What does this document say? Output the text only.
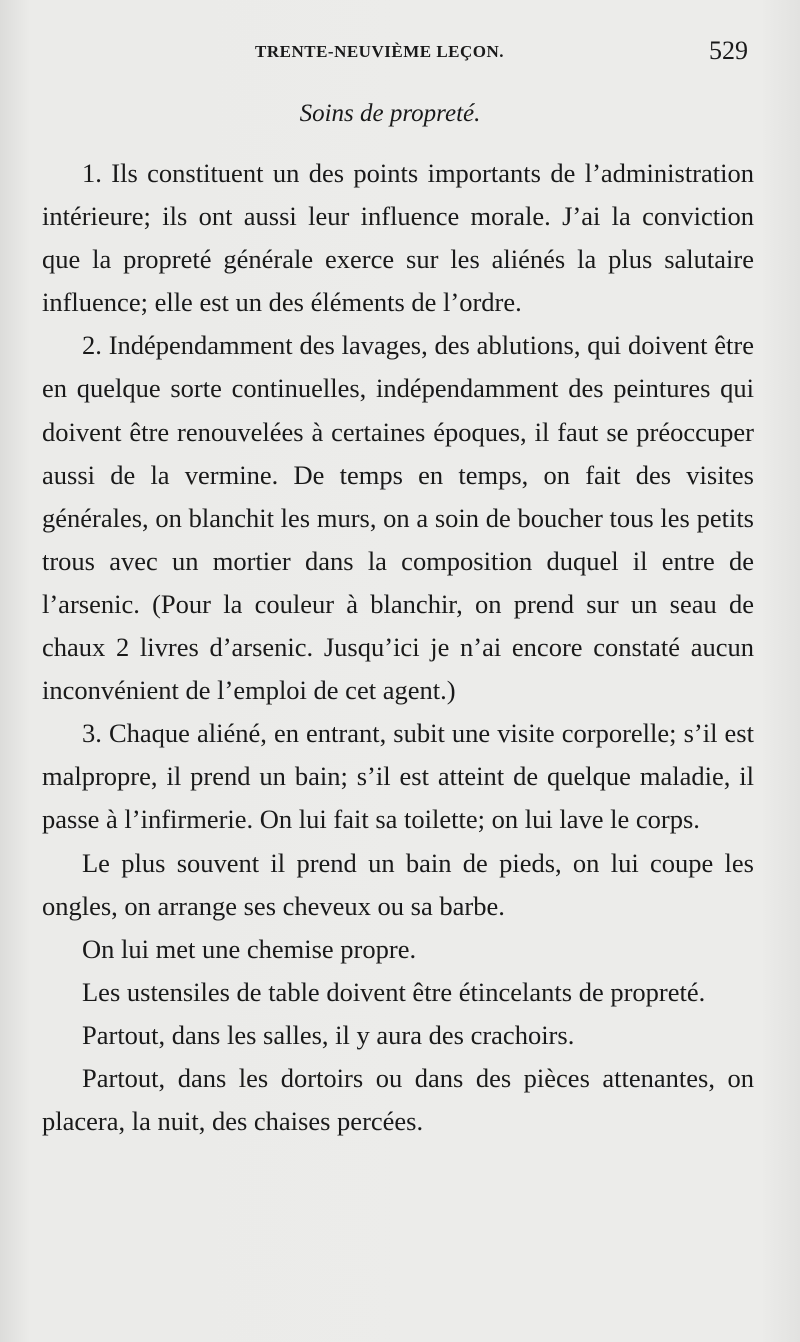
TRENTE-NEUVIÈME LEÇON.	529
Soins de propreté.

1. Ils constituent un des points importants de l’administration intérieure; ils ont aussi leur influence morale. J’ai la conviction que la propreté générale exerce sur les aliénés la plus salutaire influence; elle est un des éléments de l’ordre.

2. Indépendamment des lavages, des ablutions, qui doivent être en quelque sorte continuelles, indépendamment des peintures qui doivent être renouvelées à certaines époques, il faut se préoccuper aussi de la vermine. De temps en temps, on fait des visites générales, on blanchit les murs, on a soin de boucher tous les petits trous avec un mortier dans la composition duquel il entre de l’arsenic. (Pour la couleur à blanchir, on prend sur un seau de chaux 2 livres d’arsenic. Jusqu’ici je n’ai encore constaté aucun inconvénient de l’emploi de cet agent.)

3. Chaque aliéné, en entrant, subit une visite corporelle; s’il est malpropre, il prend un bain; s’il est atteint de quelque maladie, il passe à l’infirmerie. On lui fait sa toilette; on lui lave le corps.

Le plus souvent il prend un bain de pieds, on lui coupe les ongles, on arrange ses cheveux ou sa barbe.

On lui met une chemise propre.

Les ustensiles de table doivent être étincelants de propreté.

Partout, dans les salles, il y aura des crachoirs.

Partout, dans les dortoirs ou dans des pièces attenantes, on placera, la nuit, des chaises percées.
